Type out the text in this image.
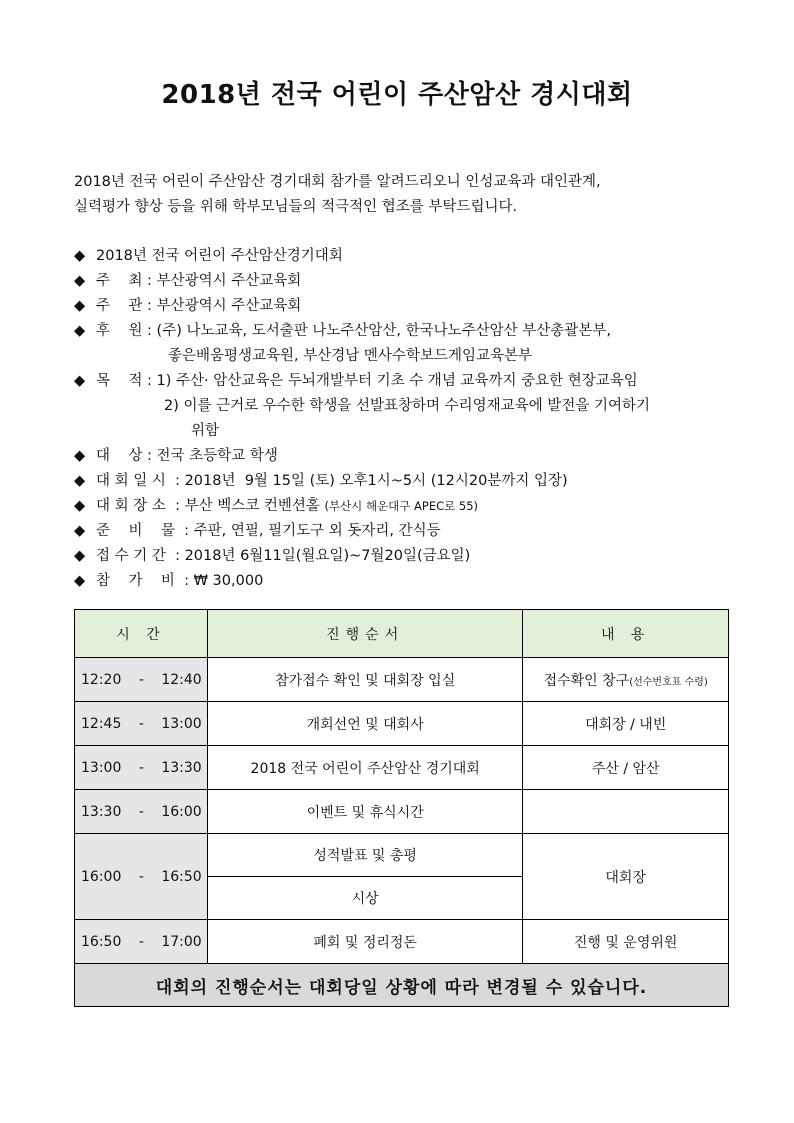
2018년 전국 어린이 주산암산 경시대회
2018년 전국 어린이 주산암산 경기대회 참가를 알려드리오니 인성교육과 대인관계,
실력평가 향상 등을 위해 학부모님들의 적극적인 협조를 부탁드립니다.
◆ 2018년 전국 어린이 주산암산경기대회
◆ 주    최 : 부산광역시 주산교육회
◆ 주    관 : 부산광역시 주산교육회
◆ 후    원 : (주) 나노교육, 도서출판 나노주산암산, 한국나노주산암산 부산총괄본부,
좋은배움평생교육원, 부산경남 멘사수학보드게임교육본부
◆ 목    적 : 1) 주산· 암산교육은 두뇌개발부터 기초 수 개념 교육까지 중요한 현장교육임
2) 이를 근거로 우수한 학생을 선발표창하며 수리영재교육에 발전을 기여하기
위함
◆ 대    상 : 전국 초등학교 학생
◆ 대 회 일 시  : 2018년  9월 15일 (토) 오후1시~5시 (12시20분까지 입장)
◆ 대 회 장 소  : 부산 벡스코 컨벤션홀
(부산시 해운대구 APEC로 55)
◆ 준    비    물  : 주판, 연필, 필기도구 외 돗자리, 간식등
◆ 접 수 기 간  : 2018년 6월11일(월요일)~7월20일(금요일)
◆ 참    가    비  : ₩ 30,000
시 간	진행순서	내 용
12:20 - 12:40	참가접수 확인 및 대회장 입실	접수확인 창구(선수번호표 수령)
12:45 - 13:00	개회선언 및 대회사	대회장 / 내빈
13:00 - 13:30	2018 전국 어린이 주산암산 경기대회	주산 / 암산
13:30 - 16:00	이벤트 및 휴식시간	
16:00 - 16:50	성적발표 및 총평	대회장
	시상	
16:50 - 17:00	폐회 및 정리정돈	진행 및 운영위원
대회의 진행순서는 대회당일 상황에 따라 변경될 수 있습니다.		
